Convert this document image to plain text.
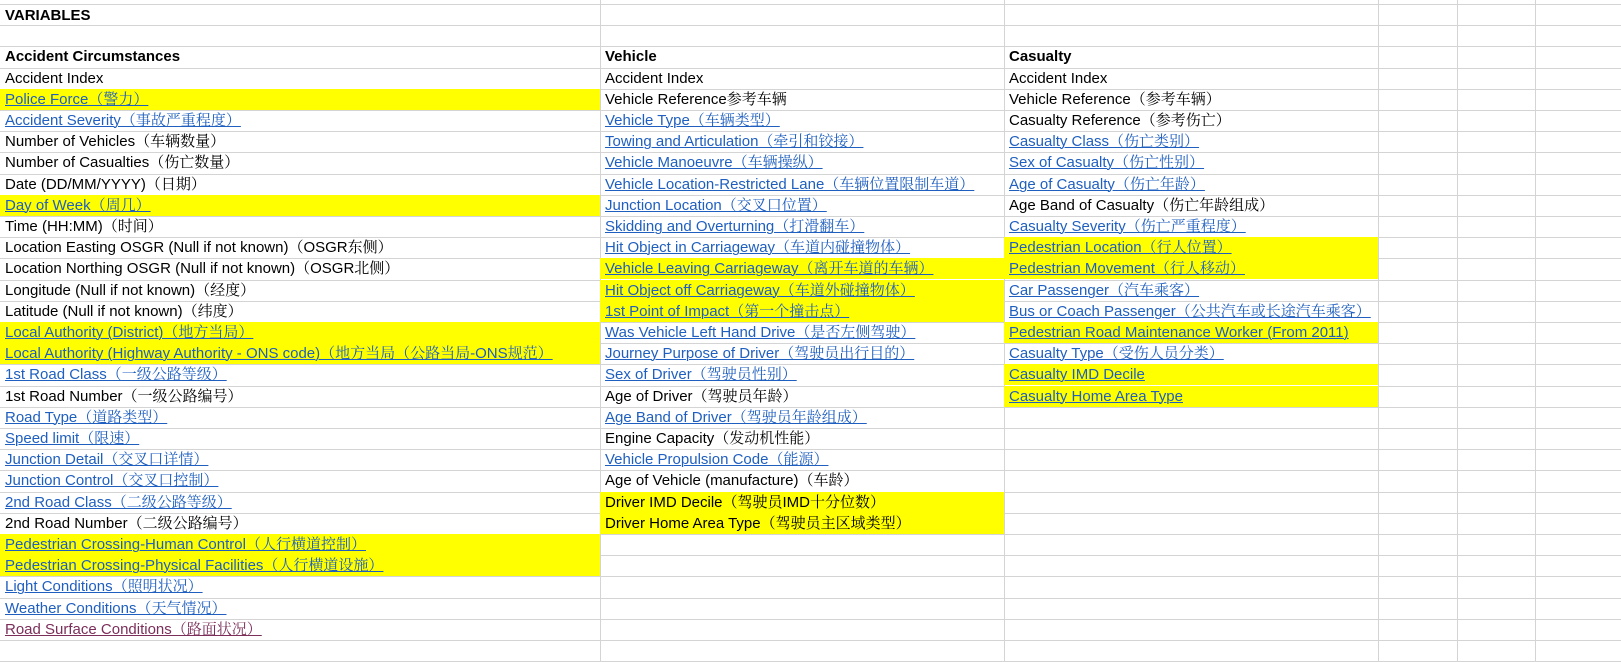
VARIABLES
Accident Circumstances
Accident Index
Police Force（警力）
Accident Severity（事故严重程度）
Number of Vehicles（车辆数量）
Number of Casualties（伤亡数量）
Date (DD/MM/YYYY)（日期）
Day of Week（周几）
Time (HH:MM)（时间）
Location Easting OSGR (Null if not known)（OSGR东侧）
Location Northing OSGR (Null if not known)（OSGR北侧）
Longitude (Null if not known)（经度）
Latitude (Null if not known)（纬度）
Local Authority (District)（地方当局）
Local Authority (Highway Authority - ONS code)（地方当局（公路当局-ONS规范）
1st Road Class（一级公路等级）
1st Road Number（一级公路编号）
Road Type（道路类型）
Speed limit（限速）
Junction Detail（交叉口详情）
Junction Control（交叉口控制）
2nd Road Class（二级公路等级）
2nd Road Number（二级公路编号）
Pedestrian Crossing-Human Control（人行横道控制）
Pedestrian Crossing-Physical Facilities（人行横道设施）
Light Conditions（照明状况）
Weather Conditions（天气情况）
Road Surface Conditions（路面状况）
Vehicle
Accident Index
Vehicle Reference参考车辆
Vehicle Type（车辆类型）
Towing and Articulation（牵引和铰接）
Vehicle Manoeuvre（车辆操纵）
Vehicle Location-Restricted Lane（车辆位置限制车道）
Junction Location（交叉口位置）
Skidding and Overturning（打滑翻车）
Hit Object in Carriageway（车道内碰撞物体）
Vehicle Leaving Carriageway（离开车道的车辆）
Hit Object off Carriageway（车道外碰撞物体）
1st Point of Impact（第一个撞击点）
Was Vehicle Left Hand Drive（是否左侧驾驶）
Journey Purpose of Driver（驾驶员出行目的）
Sex of Driver（驾驶员性别）
Age of Driver（驾驶员年龄）
Age Band of Driver（驾驶员年龄组成）
Engine Capacity（发动机性能）
Vehicle Propulsion Code（能源）
Age of Vehicle (manufacture)（车龄）
Driver IMD Decile（驾驶员IMD十分位数）
Driver Home Area Type（驾驶员主区域类型）
Casualty
Accident Index
Vehicle Reference（参考车辆）
Casualty Reference（参考伤亡）
Casualty Class（伤亡类别）
Sex of Casualty（伤亡性别）
Age of Casualty（伤亡年龄）
Age Band of Casualty（伤亡年龄组成）
Casualty Severity（伤亡严重程度）
Pedestrian Location（行人位置）
Pedestrian Movement（行人移动）
Car Passenger（汽车乘客）
Bus or Coach Passenger（公共汽车或长途汽车乘客）
Pedestrian Road Maintenance Worker (From 2011)
Casualty Type（受伤人员分类）
Casualty IMD Decile
Casualty Home Area Type
